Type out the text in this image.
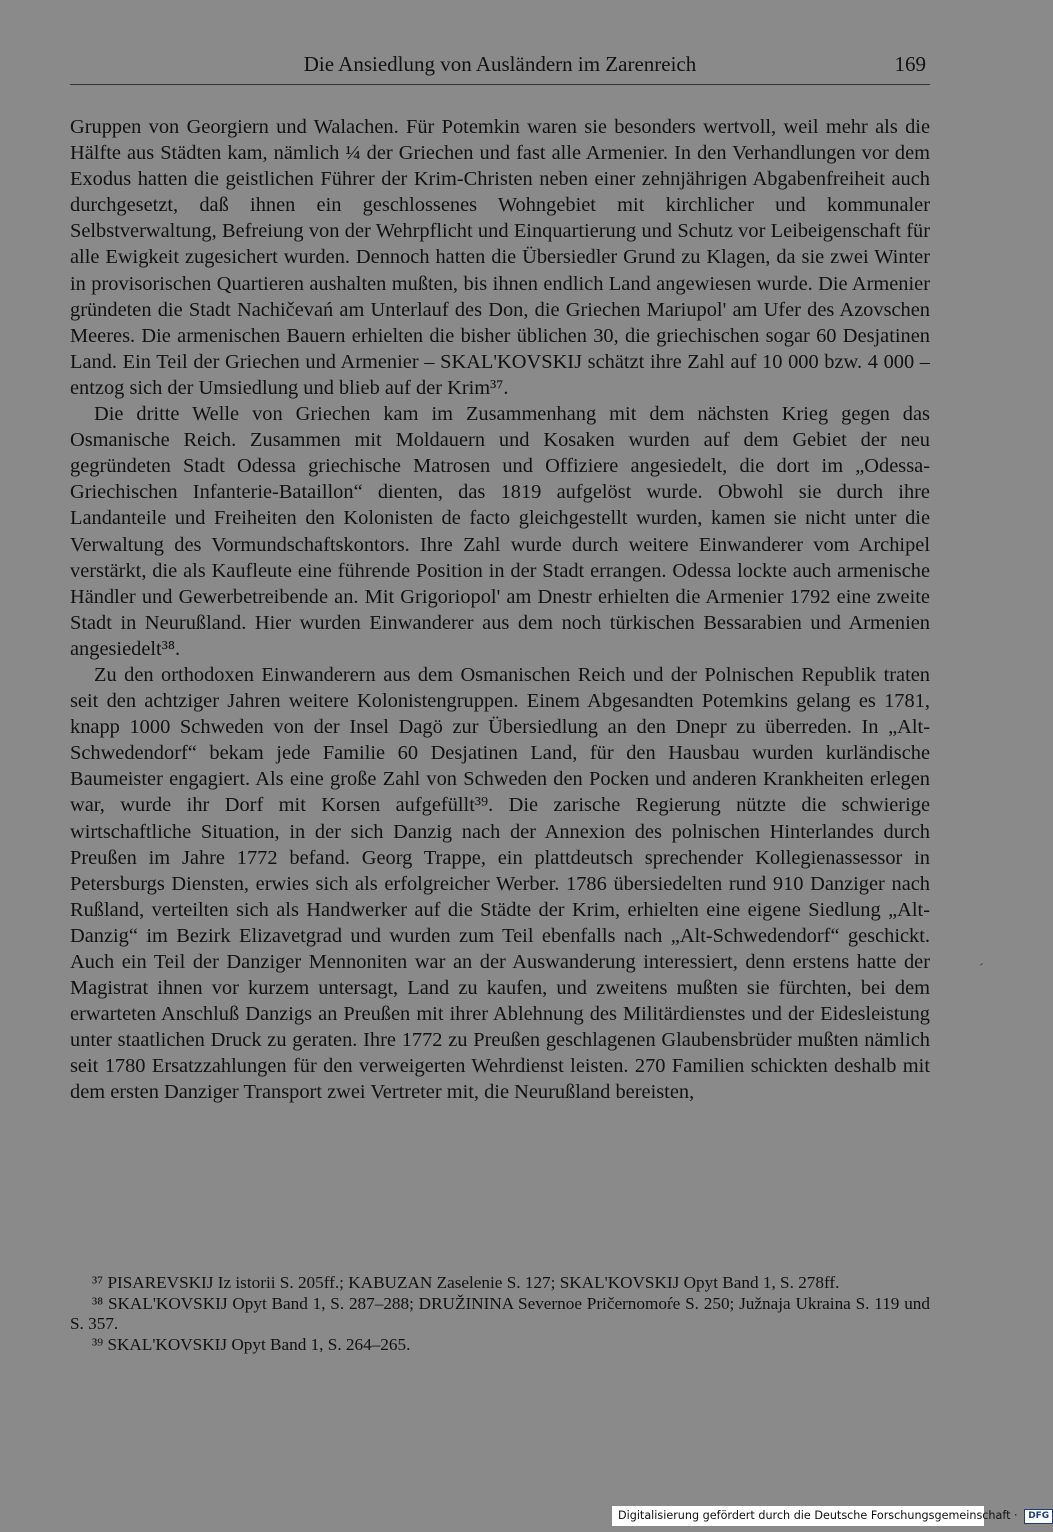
Die Ansiedlung von Ausländern im Zarenreich	169

Gruppen von Georgiern und Walachen. Für Potemkin waren sie besonders wertvoll, weil mehr als die Hälfte aus Städten kam, nämlich ¼ der Griechen und fast alle Armenier. In den Verhandlungen vor dem Exodus hatten die geistlichen Führer der Krim-Christen neben einer zehnjährigen Abgabenfreiheit auch durchgesetzt, daß ihnen ein geschlossenes Wohngebiet mit kirchlicher und kommunaler Selbstverwaltung, Befreiung von der Wehrpflicht und Einquartierung und Schutz vor Leibeigenschaft für alle Ewigkeit zugesichert wurden. Dennoch hatten die Übersiedler Grund zu Klagen, da sie zwei Winter in provisorischen Quartieren aushalten mußten, bis ihnen endlich Land angewiesen wurde. Die Armenier gründeten die Stadt Nachičevań am Unterlauf des Don, die Griechen Mariupol' am Ufer des Azovschen Meeres. Die armenischen Bauern erhielten die bisher üblichen 30, die griechischen sogar 60 Desjatinen Land. Ein Teil der Griechen und Armenier – SKAL'KOVSKIJ schätzt ihre Zahl auf 10 000 bzw. 4 000 – entzog sich der Umsiedlung und blieb auf der Krim³⁷.

Die dritte Welle von Griechen kam im Zusammenhang mit dem nächsten Krieg gegen das Osmanische Reich. Zusammen mit Moldauern und Kosaken wurden auf dem Gebiet der neu gegründeten Stadt Odessa griechische Matrosen und Offiziere angesiedelt, die dort im „Odessa-Griechischen Infanterie-Bataillon“ dienten, das 1819 aufgelöst wurde. Obwohl sie durch ihre Landanteile und Freiheiten den Kolonisten de facto gleichgestellt wurden, kamen sie nicht unter die Verwaltung des Vormundschaftskontors. Ihre Zahl wurde durch weitere Einwanderer vom Archipel verstärkt, die als Kaufleute eine führende Position in der Stadt errangen. Odessa lockte auch armenische Händler und Gewerbetreibende an. Mit Grigoriopol' am Dnestr erhielten die Armenier 1792 eine zweite Stadt in Neurußland. Hier wurden Einwanderer aus dem noch türkischen Bessarabien und Armenien angesiedelt³⁸.

Zu den orthodoxen Einwanderern aus dem Osmanischen Reich und der Polnischen Republik traten seit den achtziger Jahren weitere Kolonistengruppen. Einem Abgesandten Potemkins gelang es 1781, knapp 1000 Schweden von der Insel Dagö zur Übersiedlung an den Dnepr zu überreden. In „Alt-Schwedendorf“ bekam jede Familie 60 Desjatinen Land, für den Hausbau wurden kurländische Baumeister engagiert. Als eine große Zahl von Schweden den Pocken und anderen Krankheiten erlegen war, wurde ihr Dorf mit Korsen aufgefüllt³⁹. Die zarische Regierung nützte die schwierige wirtschaftliche Situation, in der sich Danzig nach der Annexion des polnischen Hinterlandes durch Preußen im Jahre 1772 befand. Georg Trappe, ein plattdeutsch sprechender Kollegienassessor in Petersburgs Diensten, erwies sich als erfolgreicher Werber. 1786 übersiedelten rund 910 Danziger nach Rußland, verteilten sich als Handwerker auf die Städte der Krim, erhielten eine eigene Siedlung „Alt-Danzig“ im Bezirk Elizavetgrad und wurden zum Teil ebenfalls nach „Alt-Schwedendorf“ geschickt. Auch ein Teil der Danziger Mennoniten war an der Auswanderung interessiert, denn erstens hatte der Magistrat ihnen vor kurzem untersagt, Land zu kaufen, und zweitens mußten sie fürchten, bei dem erwarteten Anschluß Danzigs an Preußen mit ihrer Ablehnung des Militärdienstes und der Eidesleistung unter staatlichen Druck zu geraten. Ihre 1772 zu Preußen geschlagenen Glaubensbrüder mußten nämlich seit 1780 Ersatzzahlungen für den verweigerten Wehrdienst leisten. 270 Familien schickten deshalb mit dem ersten Danziger Transport zwei Vertreter mit, die Neurußland bereisten,

ˊ

³⁷ PISAREVSKIJ Iz istorii S. 205ff.; KABUZAN Zaselenie S. 127; SKAL'KOVSKIJ Opyt Band 1, S. 278ff.

³⁸ SKAL'KOVSKIJ Opyt Band 1, S. 287–288; DRUŽININA Severnoe Pričernomoŕe S. 250; Južnaja Ukraina S. 119 und S. 357.

³⁹ SKAL'KOVSKIJ Opyt Band 1, S. 264–265.

Digitalisierung gefördert durch die Deutsche Forschungsgemeinschaft · DFG
